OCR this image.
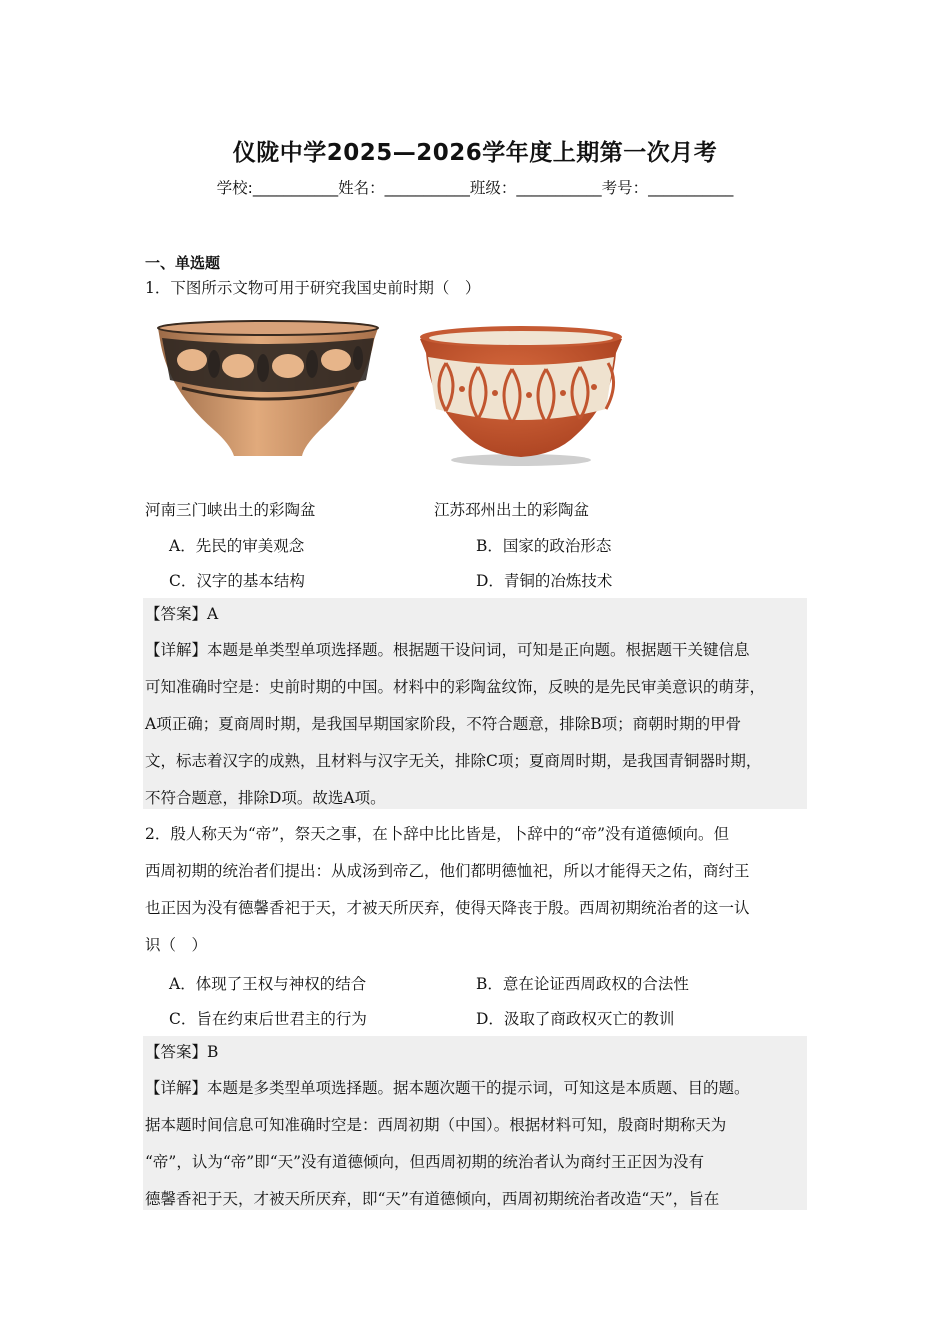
仪陇中学2025—2026学年度上期第一次月考
学校:___________姓名：___________班级：___________考号：___________
一、单选题
1．下图所示文物可用于研究我国史前时期（　）
河南三门峡出土的彩陶盆	江苏邳州出土的彩陶盆
A．先民的审美观念	B．国家的政治形态
C．汉字的基本结构	D．青铜的冶炼技术
【答案】A
【详解】本题是单类型单项选择题。根据题干设问词，可知是正向题。根据题干关键信息
可知准确时空是：史前时期的中国。材料中的彩陶盆纹饰，反映的是先民审美意识的萌芽，
A项正确；夏商周时期，是我国早期国家阶段，不符合题意，排除B项；商朝时期的甲骨
文，标志着汉字的成熟，且材料与汉字无关，排除C项；夏商周时期，是我国青铜器时期，
不符合题意，排除D项。故选A项。
2．殷人称天为“帝”，祭天之事，在卜辞中比比皆是，卜辞中的“帝”没有道德倾向。但
西周初期的统治者们提出：从成汤到帝乙，他们都明德恤祀，所以才能得天之佑，商纣王
也正因为没有德馨香祀于天，才被天所厌弃，使得天降丧于殷。西周初期统治者的这一认
识（　）
A．体现了王权与神权的结合	B．意在论证西周政权的合法性
C．旨在约束后世君主的行为	D．汲取了商政权灭亡的教训
【答案】B
【详解】本题是多类型单项选择题。据本题次题干的提示词，可知这是本质题、目的题。
据本题时间信息可知准确时空是：西周初期（中国）。根据材料可知，殷商时期称天为
“帝”，认为“帝”即“天”没有道德倾向，但西周初期的统治者认为商纣王正因为没有
德馨香祀于天，才被天所厌弃，即“天”有道德倾向，西周初期统治者改造“天”，旨在
